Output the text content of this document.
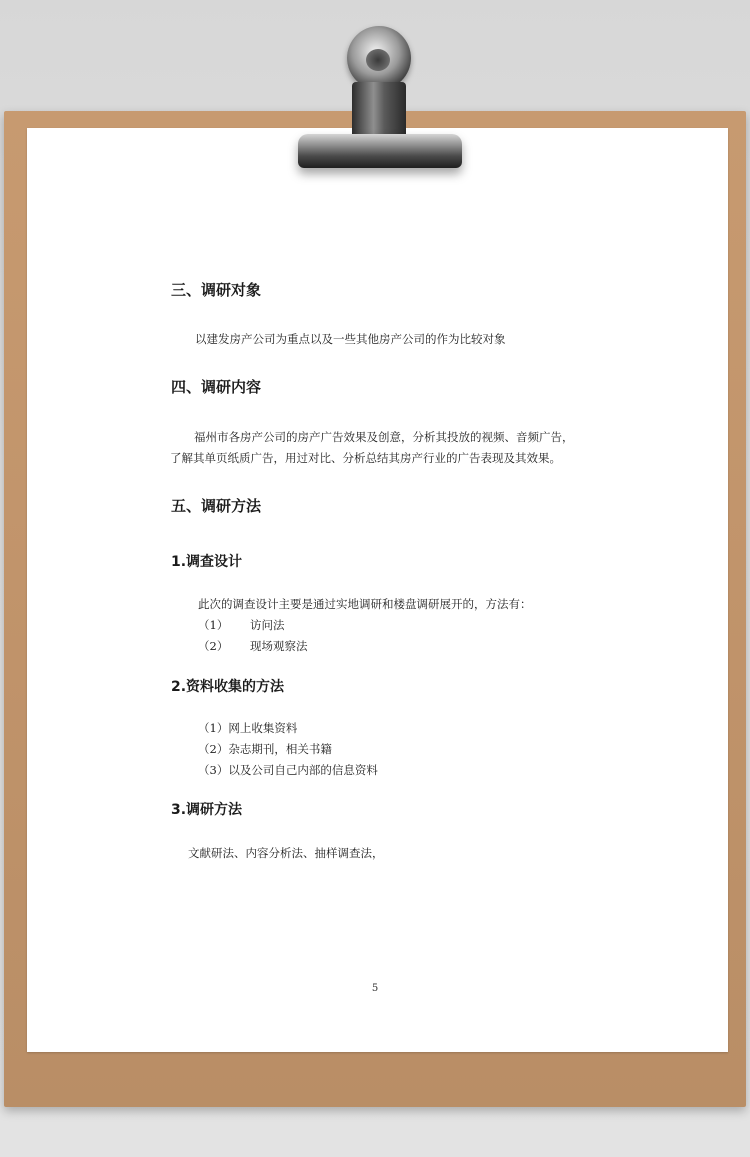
三、调研对象
以建发房产公司为重点以及一些其他房产公司的作为比较对象
四、调研内容
福州市各房产公司的房产广告效果及创意，分析其投放的视频、音频广告，
了解其单页纸质广告，用过对比、分析总结其房产行业的广告表现及其效果。
五、调研方法
1.调查设计
此次的调查设计主要是通过实地调研和楼盘调研展开的，方法有：
（1） 访问法
（2） 现场观察法
2.资料收集的方法
（1）网上收集资料
（2）杂志期刊，相关书籍
（3）以及公司自己内部的信息资料
3.调研方法
文献研法、内容分析法、抽样调查法，
5
